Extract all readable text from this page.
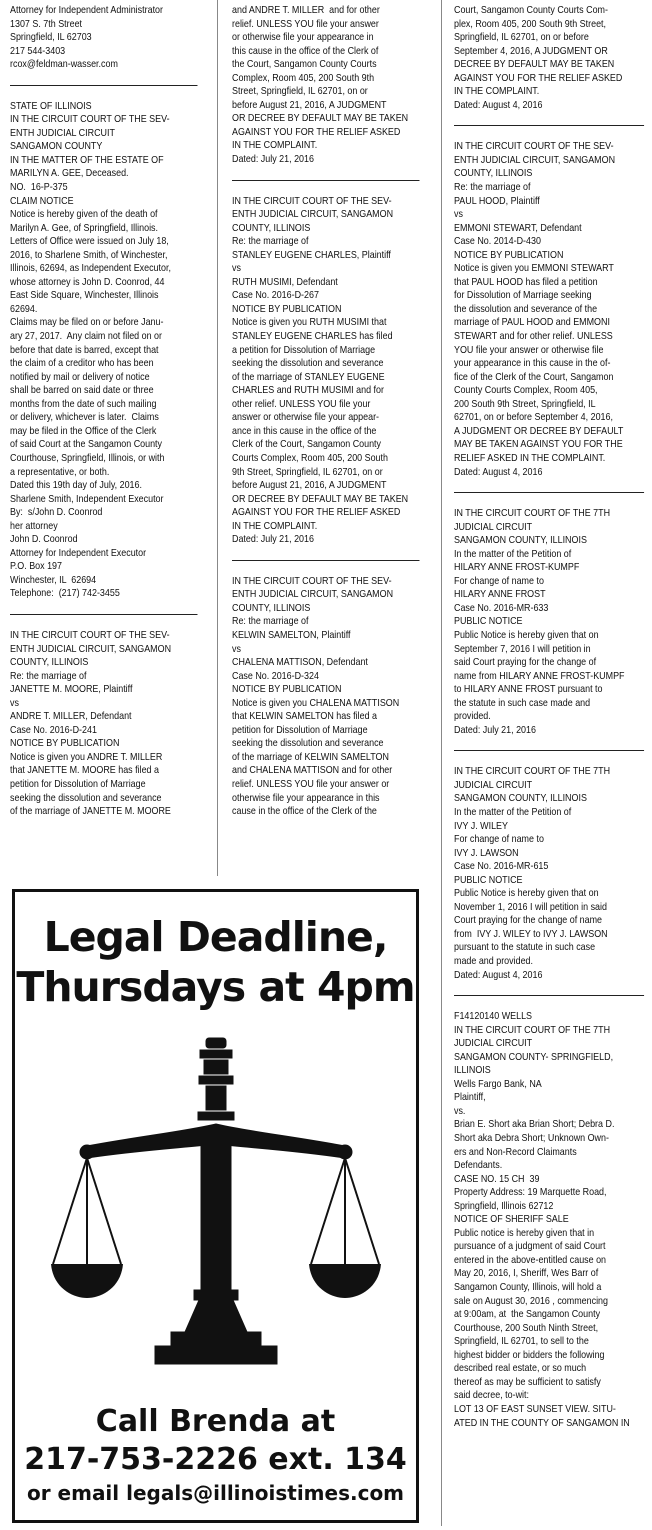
Attorney for Independent Administrator
1307 S. 7th Street
Springfield, IL 62703
217 544-3403
rcox@feldman-wasser.com
STATE OF ILLINOIS
IN THE CIRCUIT COURT OF THE SEV-
ENTH JUDICIAL CIRCUIT
SANGAMON COUNTY
IN THE MATTER OF THE ESTATE OF
MARILYN A. GEE, Deceased.
NO.  16-P-375
CLAIM NOTICE
Notice is hereby given of the death of
Marilyn A. Gee, of Springfield, Illinois.
Letters of Office were issued on July 18,
2016, to Sharlene Smith, of Winchester,
Illinois, 62694, as Independent Executor,
whose attorney is John D. Coonrod, 44
East Side Square, Winchester, Illinois
62694.
Claims may be filed on or before Janu-
ary 27, 2017.  Any claim not filed on or
before that date is barred, except that
the claim of a creditor who has been
notified by mail or delivery of notice
shall be barred on said date or three
months from the date of such mailing
or delivery, whichever is later.  Claims
may be filed in the Office of the Clerk
of said Court at the Sangamon County
Courthouse, Springfield, Illinois, or with
a representative, or both.
Dated this 19th day of July, 2016.
Sharlene Smith, Independent Executor
By:  s/John D. Coonrod
her attorney
John D. Coonrod
Attorney for Independent Executor
P.O. Box 197
Winchester, IL  62694
Telephone:  (217) 742-3455
IN THE CIRCUIT COURT OF THE SEV-
ENTH JUDICIAL CIRCUIT, SANGAMON
COUNTY, ILLINOIS
Re: the marriage of
JANETTE M. MOORE, Plaintiff
vs
ANDRE T. MILLER, Defendant
Case No. 2016-D-241
NOTICE BY PUBLICATION
Notice is given you ANDRE T. MILLER
that JANETTE M. MOORE has filed a
petition for Dissolution of Marriage
seeking the dissolution and severance
of the marriage of JANETTE M. MOORE
and ANDRE T. MILLER  and for other
relief. UNLESS YOU file your answer
or otherwise file your appearance in
this cause in the office of the Clerk of
the Court, Sangamon County Courts
Complex, Room 405, 200 South 9th
Street, Springfield, IL 62701, on or
before August 21, 2016, A JUDGMENT
OR DECREE BY DEFAULT MAY BE TAKEN
AGAINST YOU FOR THE RELIEF ASKED
IN THE COMPLAINT.
Dated: July 21, 2016
IN THE CIRCUIT COURT OF THE SEV-
ENTH JUDICIAL CIRCUIT, SANGAMON
COUNTY, ILLINOIS
Re: the marriage of
STANLEY EUGENE CHARLES, Plaintiff
vs
RUTH MUSIMI, Defendant
Case No. 2016-D-267
NOTICE BY PUBLICATION
Notice is given you RUTH MUSIMI that
STANLEY EUGENE CHARLES has filed
a petition for Dissolution of Marriage
seeking the dissolution and severance
of the marriage of STANLEY EUGENE
CHARLES and RUTH MUSIMI and for
other relief. UNLESS YOU file your
answer or otherwise file your appear-
ance in this cause in the office of the
Clerk of the Court, Sangamon County
Courts Complex, Room 405, 200 South
9th Street, Springfield, IL 62701, on or
before August 21, 2016, A JUDGMENT
OR DECREE BY DEFAULT MAY BE TAKEN
AGAINST YOU FOR THE RELIEF ASKED
IN THE COMPLAINT.
Dated: July 21, 2016
IN THE CIRCUIT COURT OF THE SEV-
ENTH JUDICIAL CIRCUIT, SANGAMON
COUNTY, ILLINOIS
Re: the marriage of
KELWIN SAMELTON, Plaintiff
vs
CHALENA MATTISON, Defendant
Case No. 2016-D-324
NOTICE BY PUBLICATION
Notice is given you CHALENA MATTISON
that KELWIN SAMELTON has filed a
petition for Dissolution of Marriage
seeking the dissolution and severance
of the marriage of KELWIN SAMELTON
and CHALENA MATTISON and for other
relief. UNLESS YOU file your answer or
otherwise file your appearance in this
cause in the office of the Clerk of the
Court, Sangamon County Courts Com-
plex, Room 405, 200 South 9th Street,
Springfield, IL 62701, on or before
September 4, 2016, A JUDGMENT OR
DECREE BY DEFAULT MAY BE TAKEN
AGAINST YOU FOR THE RELIEF ASKED
IN THE COMPLAINT.
Dated: August 4, 2016
IN THE CIRCUIT COURT OF THE SEV-
ENTH JUDICIAL CIRCUIT, SANGAMON
COUNTY, ILLINOIS
Re: the marriage of
PAUL HOOD, Plaintiff
vs
EMMONI STEWART, Defendant
Case No. 2014-D-430
NOTICE BY PUBLICATION
Notice is given you EMMONI STEWART
that PAUL HOOD has filed a petition
for Dissolution of Marriage seeking
the dissolution and severance of the
marriage of PAUL HOOD and EMMONI
STEWART and for other relief. UNLESS
YOU file your answer or otherwise file
your appearance in this cause in the of-
fice of the Clerk of the Court, Sangamon
County Courts Complex, Room 405,
200 South 9th Street, Springfield, IL
62701, on or before September 4, 2016,
A JUDGMENT OR DECREE BY DEFAULT
MAY BE TAKEN AGAINST YOU FOR THE
RELIEF ASKED IN THE COMPLAINT.
Dated: August 4, 2016
IN THE CIRCUIT COURT OF THE 7TH
JUDICIAL CIRCUIT
SANGAMON COUNTY, ILLINOIS
In the matter of the Petition of
HILARY ANNE FROST-KUMPF
For change of name to
HILARY ANNE FROST
Case No. 2016-MR-633
PUBLIC NOTICE
Public Notice is hereby given that on
September 7, 2016 I will petition in
said Court praying for the change of
name from HILARY ANNE FROST-KUMPF
to HILARY ANNE FROST pursuant to
the statute in such case made and
provided.
Dated: July 21, 2016
IN THE CIRCUIT COURT OF THE 7TH
JUDICIAL CIRCUIT
SANGAMON COUNTY, ILLINOIS
In the matter of the Petition of
IVY J. WILEY
For change of name to
IVY J. LAWSON
Case No. 2016-MR-615
PUBLIC NOTICE
Public Notice is hereby given that on
November 1, 2016 I will petition in said
Court praying for the change of name
from  IVY J. WILEY to IVY J. LAWSON
pursuant to the statute in such case
made and provided.
Dated: August 4, 2016
F14120140 WELLS
IN THE CIRCUIT COURT OF THE 7TH
JUDICIAL CIRCUIT
SANGAMON COUNTY- SPRINGFIELD,
ILLINOIS
Wells Fargo Bank, NA
Plaintiff,
vs.
Brian E. Short aka Brian Short; Debra D.
Short aka Debra Short; Unknown Own-
ers and Non-Record Claimants
Defendants.
CASE NO. 15 CH  39
Property Address: 19 Marquette Road,
Springfield, Illinois 62712
NOTICE OF SHERIFF SALE
Public notice is hereby given that in
pursuance of a judgment of said Court
entered in the above-entitled cause on
May 20, 2016, I, Sheriff, Wes Barr of
Sangamon County, Illinois, will hold a
sale on August 30, 2016 , commencing
at 9:00am, at  the Sangamon County
Courthouse, 200 South Ninth Street,
Springfield, IL 62701, to sell to the
highest bidder or bidders the following
described real estate, or so much
thereof as may be sufficient to satisfy
said decree, to-wit:
LOT 13 OF EAST SUNSET VIEW. SITU-
ATED IN THE COUNTY OF SANGAMON IN
Legal Deadline,
Thursdays at 4pm
Call Brenda at
217-753-2226 ext. 134
or email legals@illinoistimes.com
